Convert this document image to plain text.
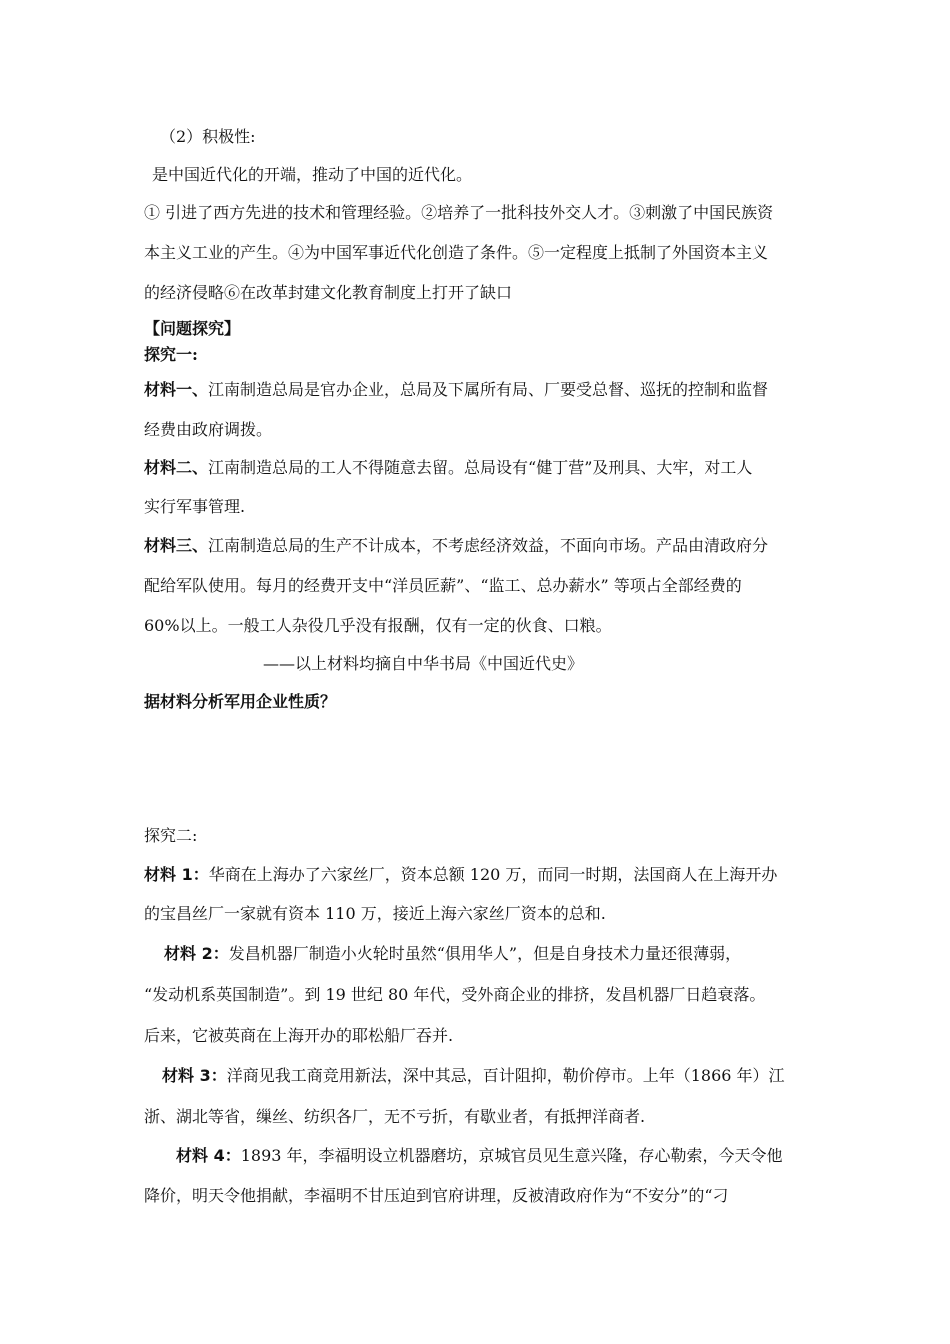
（2）积极性:
是中国近代化的开端，推动了中国的近代化。
① 引进了西方先进的技术和管理经验。②培养了一批科技外交人才。③刺激了中国民族资
本主义工业的产生。④为中国军事近代化创造了条件。⑤一定程度上抵制了外国资本主义
的经济侵略⑥在改革封建文化教育制度上打开了缺口
【问题探究】
探究一:
材料一、江南制造总局是官办企业，总局及下属所有局、厂要受总督、巡抚的控制和监督
经费由政府调拨。
材料二、江南制造总局的工人不得随意去留。总局设有“健丁营”及刑具、大牢，对工人
实行军事管理.
材料三、江南制造总局的生产不计成本，不考虑经济效益，不面向市场。产品由清政府分
配给军队使用。每月的经费开支中“洋员匠薪”、“监工、总办薪水” 等项占全部经费的
60%以上。一般工人杂役几乎没有报酬，仅有一定的伙食、口粮。
——以上材料均摘自中华书局《中国近代史》
据材料分析军用企业性质？
探究二:
材料 1：华商在上海办了六家丝厂，资本总额 120 万，而同一时期，法国商人在上海开办
的宝昌丝厂一家就有资本 110 万，接近上海六家丝厂资本的总和.
材料 2：发昌机器厂制造小火轮时虽然“俱用华人”，但是自身技术力量还很薄弱，
“发动机系英国制造”。到 19 世纪 80 年代，受外商企业的排挤，发昌机器厂日趋衰落。
后来，它被英商在上海开办的耶松船厂吞并.
材料 3：洋商见我工商竞用新法，深中其忌，百计阻抑，勒价停市。上年（1866 年）江
浙、湖北等省，缫丝、纺织各厂，无不亏折，有歇业者，有抵押洋商者.
材料 4：1893 年，李福明设立机器磨坊，京城官员见生意兴隆，存心勒索，今天令他
降价，明天令他捐献，李福明不甘压迫到官府讲理，反被清政府作为“不安分”的“刁
